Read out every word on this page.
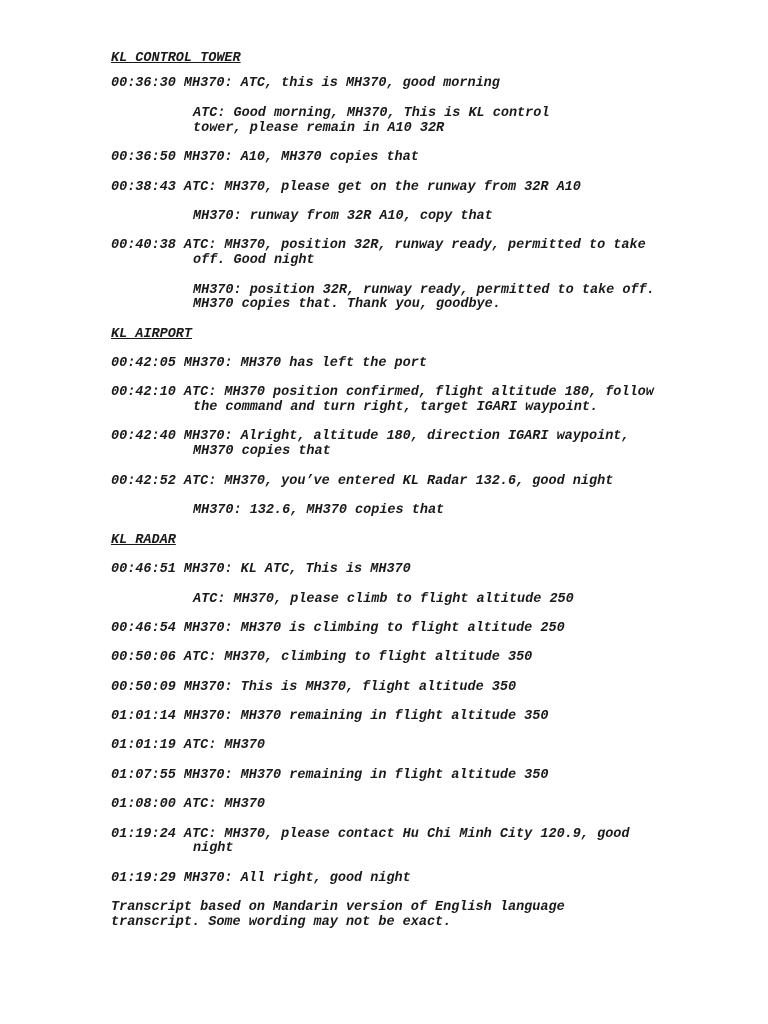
KL CONTROL TOWER
00:36:30 MH370: ATC, this is MH370, good morning
ATC: Good morning, MH370, This is KL control
tower, please remain in A10 32R
00:36:50 MH370: A10, MH370 copies that
00:38:43 ATC: MH370, please get on the runway from 32R A10
MH370: runway from 32R A10, copy that
00:40:38 ATC: MH370, position 32R, runway ready, permitted to take
off. Good night
MH370: position 32R, runway ready, permitted to take off.
MH370 copies that. Thank you, goodbye.
KL AIRPORT
00:42:05 MH370: MH370 has left the port
00:42:10 ATC: MH370 position confirmed, flight altitude 180, follow
the command and turn right, target IGARI waypoint.
00:42:40 MH370: Alright, altitude 180, direction IGARI waypoint,
MH370 copies that
00:42:52 ATC: MH370, you’ve entered KL Radar 132.6, good night
MH370: 132.6, MH370 copies that
KL RADAR
00:46:51 MH370: KL ATC, This is MH370
ATC: MH370, please climb to flight altitude 250
00:46:54 MH370: MH370 is climbing to flight altitude 250
00:50:06 ATC: MH370, climbing to flight altitude 350
00:50:09 MH370: This is MH370, flight altitude 350
01:01:14 MH370: MH370 remaining in flight altitude 350
01:01:19 ATC: MH370
01:07:55 MH370: MH370 remaining in flight altitude 350
01:08:00 ATC: MH370
01:19:24 ATC: MH370, please contact Hu Chi Minh City 120.9, good
night
01:19:29 MH370: All right, good night
Transcript based on Mandarin version of English language
transcript. Some wording may not be exact.
